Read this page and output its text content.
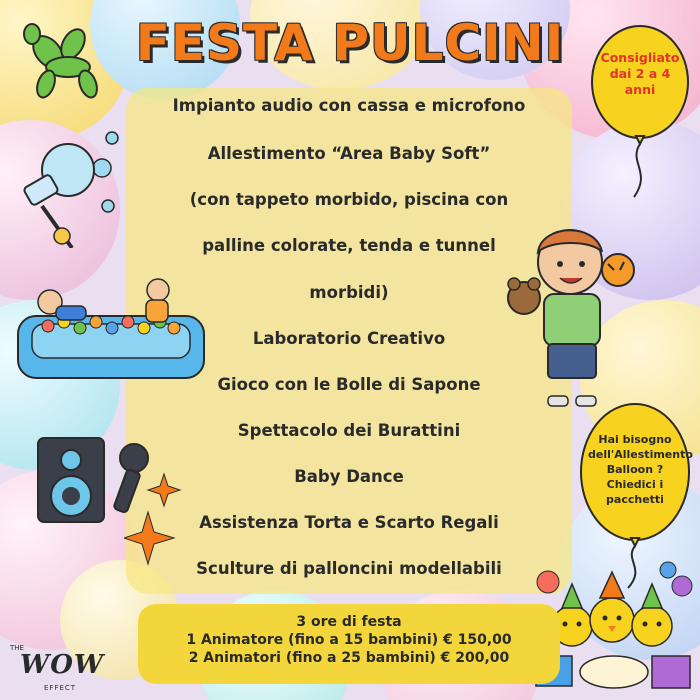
FESTA PULCINI	Consigliato dai 2 a 4 anni
Hai bisogno dell'Allestimento Balloon ? Chiedici i pacchetti
Impianto audio con cassa e microfono
Allestimento “Area Baby Soft”
(con tappeto morbido, piscina con
palline colorate, tenda e tunnel
morbidi)
Laboratorio Creativo
Gioco con le Bolle di Sapone
Spettacolo dei Burattini
Baby Dance
Assistenza Torta e Scarto Regali
Sculture di palloncini modellabili
3 ore di festa
1 Animatore (fino a 15 bambini) € 150,00
2 Animatori (fino a 25 bambini) € 200,00
THE
WOW
EFFECT
